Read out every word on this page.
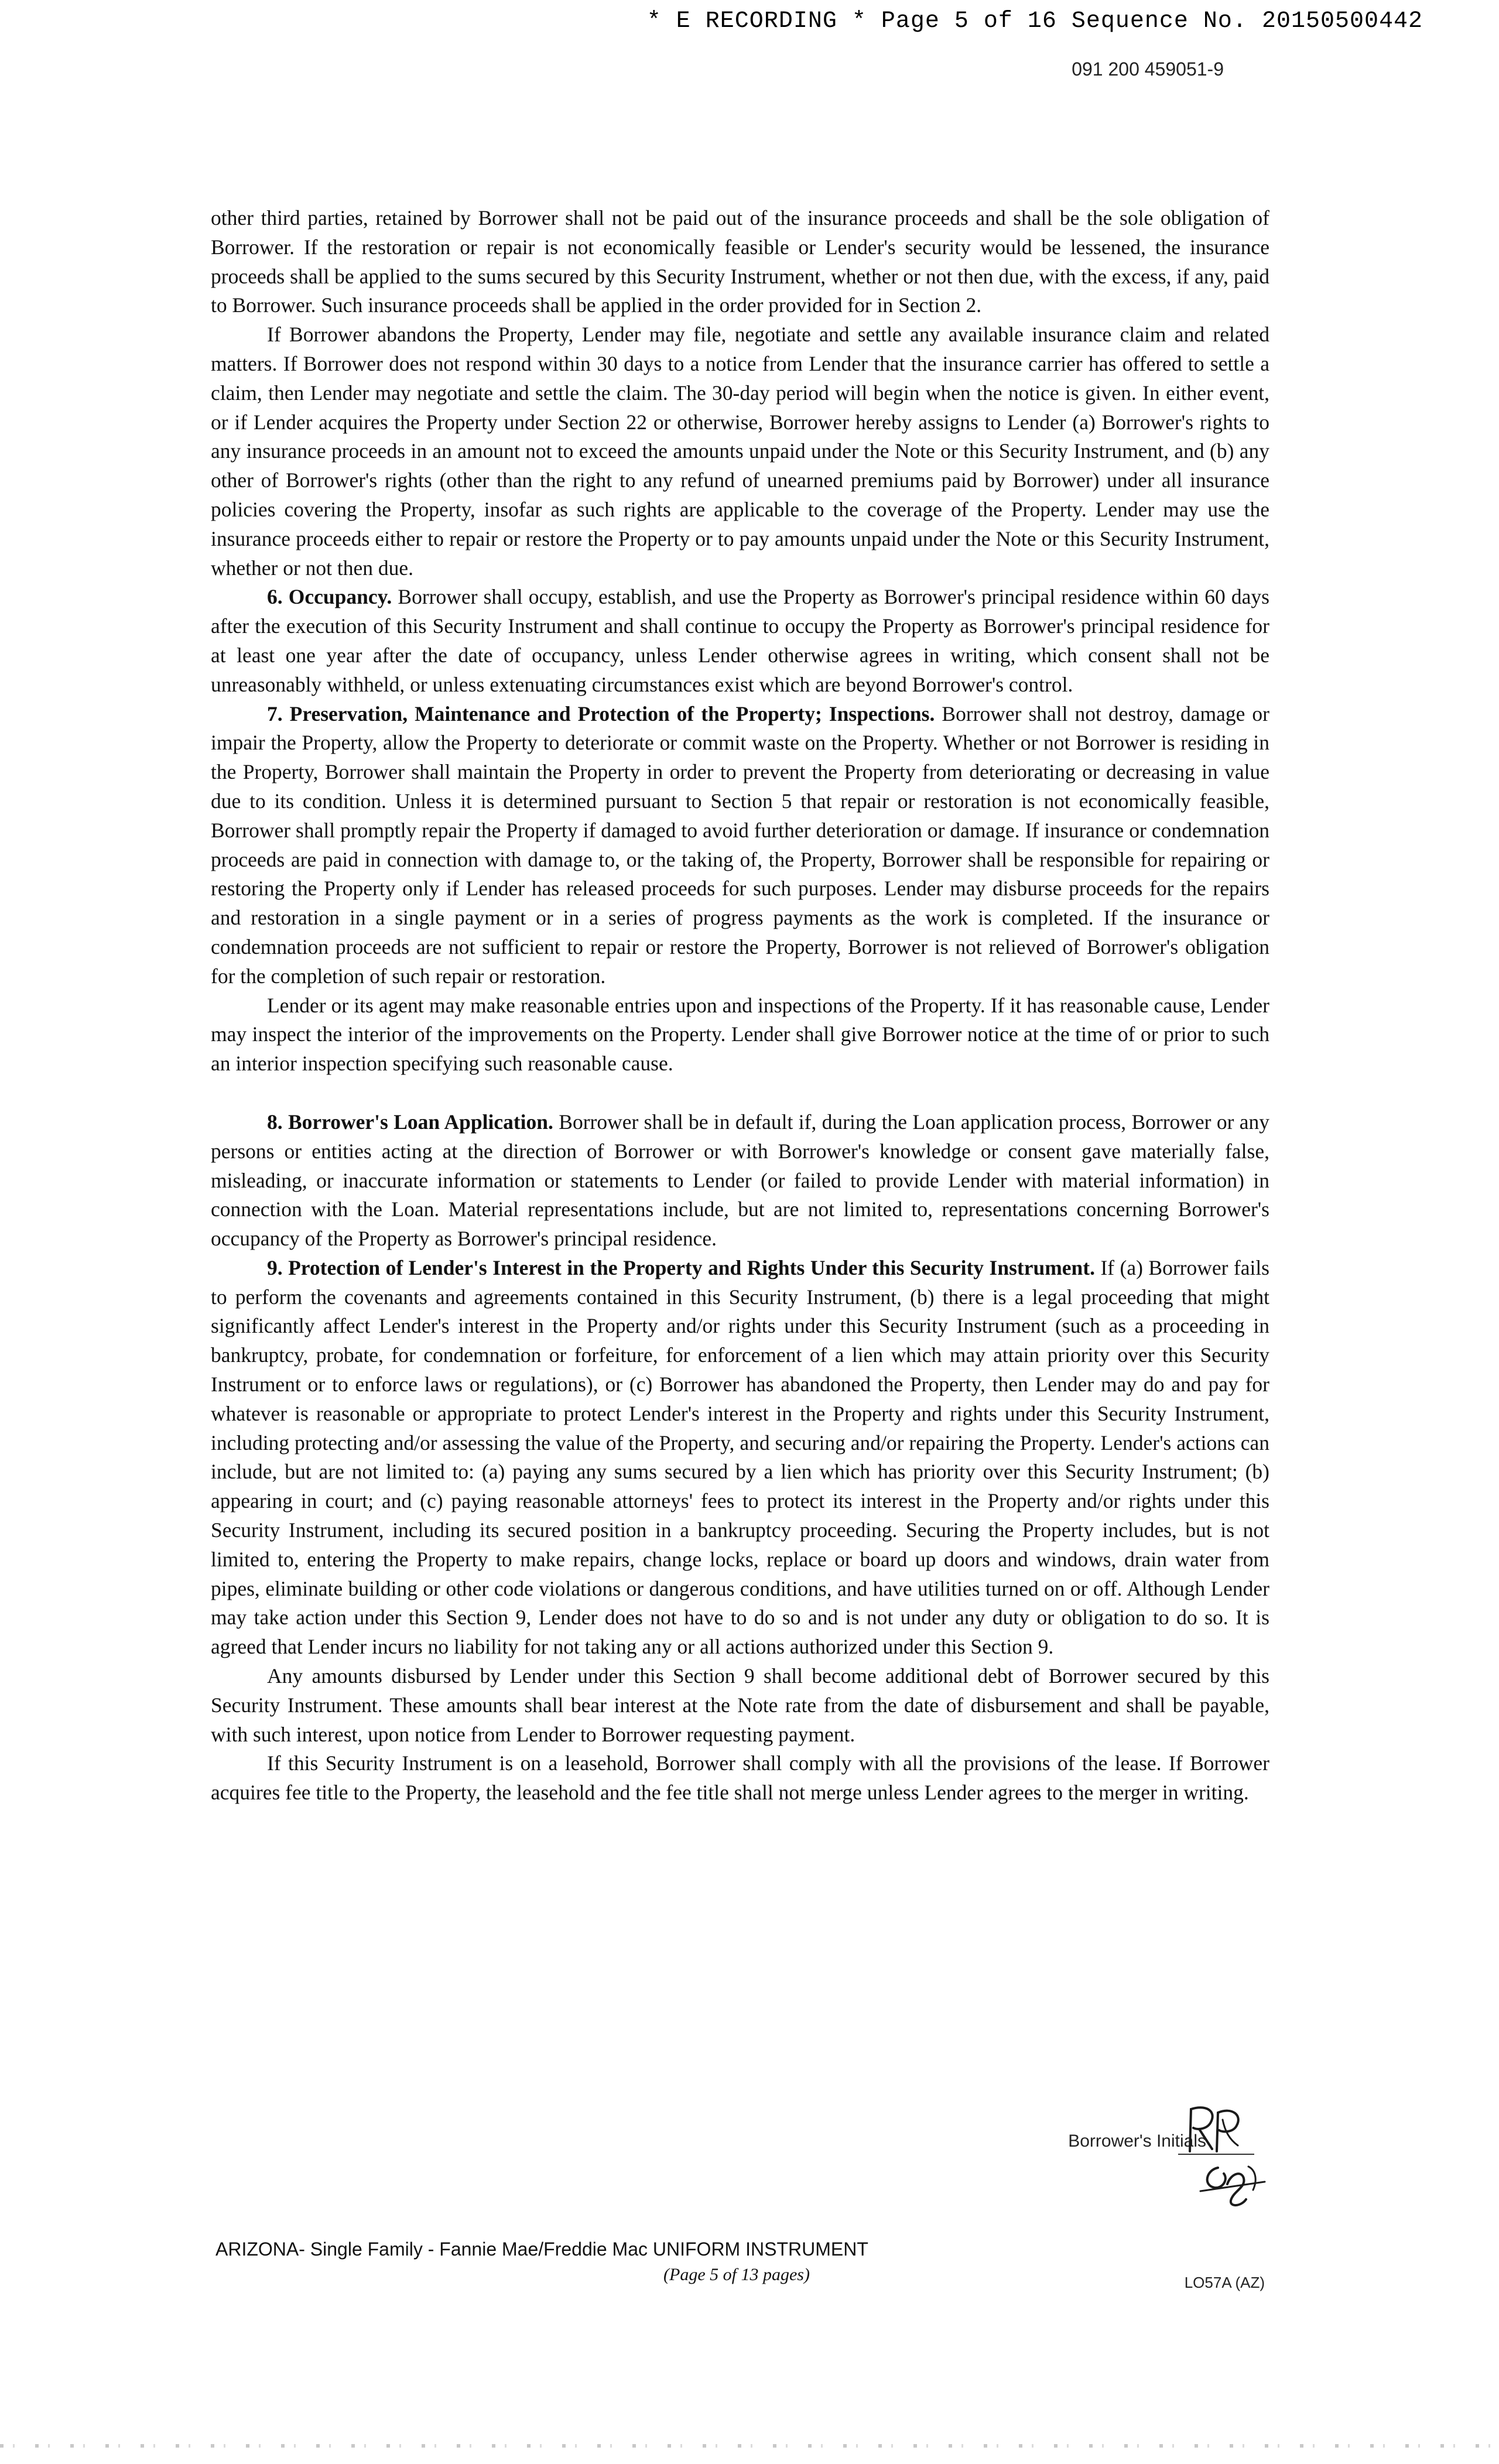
* E RECORDING * Page 5 of 16 Sequence No. 20150500442
091 200 459051-9

other third parties, retained by Borrower shall not be paid out of the insurance proceeds and shall be the sole obligation of Borrower. If the restoration or repair is not economically feasible or Lender's security would be lessened, the insurance proceeds shall be applied to the sums secured by this Security Instrument, whether or not then due, with the excess, if any, paid to Borrower. Such insurance proceeds shall be applied in the order provided for in Section 2.

If Borrower abandons the Property, Lender may file, negotiate and settle any available insurance claim and related matters. If Borrower does not respond within 30 days to a notice from Lender that the insurance carrier has offered to settle a claim, then Lender may negotiate and settle the claim. The 30-day period will begin when the notice is given. In either event, or if Lender acquires the Property under Section 22 or otherwise, Borrower hereby assigns to Lender (a) Borrower's rights to any insurance proceeds in an amount not to exceed the amounts unpaid under the Note or this Security Instrument, and (b) any other of Borrower's rights (other than the right to any refund of unearned premiums paid by Borrower) under all insurance policies covering the Property, insofar as such rights are applicable to the coverage of the Property. Lender may use the insurance proceeds either to repair or restore the Property or to pay amounts unpaid under the Note or this Security Instrument, whether or not then due.

6. Occupancy. Borrower shall occupy, establish, and use the Property as Borrower's principal residence within 60 days after the execution of this Security Instrument and shall continue to occupy the Property as Borrower's principal residence for at least one year after the date of occupancy, unless Lender otherwise agrees in writing, which consent shall not be unreasonably withheld, or unless extenuating circumstances exist which are beyond Borrower's control.

7. Preservation, Maintenance and Protection of the Property; Inspections. Borrower shall not destroy, damage or impair the Property, allow the Property to deteriorate or commit waste on the Property. Whether or not Borrower is residing in the Property, Borrower shall maintain the Property in order to prevent the Property from deteriorating or decreasing in value due to its condition. Unless it is determined pursuant to Section 5 that repair or restoration is not economically feasible, Borrower shall promptly repair the Property if damaged to avoid further deterioration or damage. If insurance or condemnation proceeds are paid in connection with damage to, or the taking of, the Property, Borrower shall be responsible for repairing or restoring the Property only if Lender has released proceeds for such purposes. Lender may disburse proceeds for the repairs and restoration in a single payment or in a series of progress payments as the work is completed. If the insurance or condemnation proceeds are not sufficient to repair or restore the Property, Borrower is not relieved of Borrower's obligation for the completion of such repair or restoration.

Lender or its agent may make reasonable entries upon and inspections of the Property. If it has reasonable cause, Lender may inspect the interior of the improvements on the Property. Lender shall give Borrower notice at the time of or prior to such an interior inspection specifying such reasonable cause.

8. Borrower's Loan Application. Borrower shall be in default if, during the Loan application process, Borrower or any persons or entities acting at the direction of Borrower or with Borrower's knowledge or consent gave materially false, misleading, or inaccurate information or statements to Lender (or failed to provide Lender with material information) in connection with the Loan. Material representations include, but are not limited to, representations concerning Borrower's occupancy of the Property as Borrower's principal residence.

9. Protection of Lender's Interest in the Property and Rights Under this Security Instrument. If (a) Borrower fails to perform the covenants and agreements contained in this Security Instrument, (b) there is a legal proceeding that might significantly affect Lender's interest in the Property and/or rights under this Security Instrument (such as a proceeding in bankruptcy, probate, for condemnation or forfeiture, for enforcement of a lien which may attain priority over this Security Instrument or to enforce laws or regulations), or (c) Borrower has abandoned the Property, then Lender may do and pay for whatever is reasonable or appropriate to protect Lender's interest in the Property and rights under this Security Instrument, including protecting and/or assessing the value of the Property, and securing and/or repairing the Property. Lender's actions can include, but are not limited to: (a) paying any sums secured by a lien which has priority over this Security Instrument; (b) appearing in court; and (c) paying reasonable attorneys' fees to protect its interest in the Property and/or rights under this Security Instrument, including its secured position in a bankruptcy proceeding. Securing the Property includes, but is not limited to, entering the Property to make repairs, change locks, replace or board up doors and windows, drain water from pipes, eliminate building or other code violations or dangerous conditions, and have utilities turned on or off. Although Lender may take action under this Section 9, Lender does not have to do so and is not under any duty or obligation to do so. It is agreed that Lender incurs no liability for not taking any or all actions authorized under this Section 9.

Any amounts disbursed by Lender under this Section 9 shall become additional debt of Borrower secured by this Security Instrument. These amounts shall bear interest at the Note rate from the date of disbursement and shall be payable, with such interest, upon notice from Lender to Borrower requesting payment.

If this Security Instrument is on a leasehold, Borrower shall comply with all the provisions of the lease. If Borrower acquires fee title to the Property, the leasehold and the fee title shall not merge unless Lender agrees to the merger in writing.

Borrower's Initials
ARIZONA- Single Family - Fannie Mae/Freddie Mac UNIFORM INSTRUMENT
(Page 5 of 13 pages)	LO57A (AZ)
